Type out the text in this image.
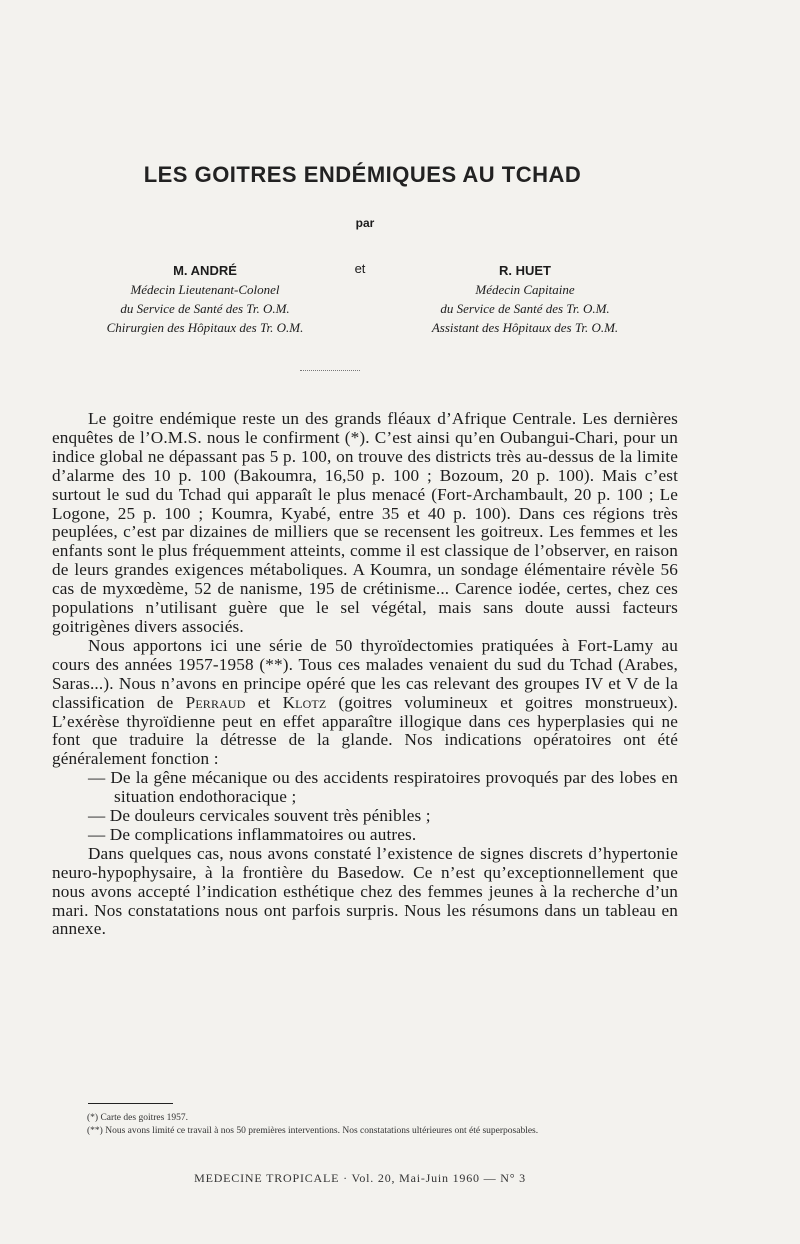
LES GOITRES ENDÉMIQUES AU TCHAD
par
M. ANDRÉ
Médecin Lieutenant-Colonel
du Service de Santé des Tr. O.M.
Chirurgien des Hôpitaux des Tr. O.M.
et	R. HUET
Médecin Capitaine
du Service de Santé des Tr. O.M.
Assistant des Hôpitaux des Tr. O.M.

Le goitre endémique reste un des grands fléaux d’Afrique Centrale. Les dernières enquêtes de l’O.M.S. nous le confirment (*). C’est ainsi qu’en Oubangui-Chari, pour un indice global ne dépassant pas 5 p. 100, on trouve des districts très au-dessus de la limite d’alarme des 10 p. 100 (Bakoumra, 16,50 p. 100 ; Bozoum, 20 p. 100). Mais c’est surtout le sud du Tchad qui apparaît le plus menacé (Fort-Archambault, 20 p. 100 ; Le Logone, 25 p. 100 ; Koumra, Kyabé, entre 35 et 40 p. 100). Dans ces régions très peuplées, c’est par dizaines de milliers que se recensent les goitreux. Les femmes et les enfants sont le plus fréquemment atteints, comme il est classique de l’observer, en raison de leurs grandes exigences métaboliques. A Koumra, un sondage élémentaire révèle 56 cas de myxœdème, 52 de nanisme, 195 de crétinisme... Carence iodée, certes, chez ces populations n’utilisant guère que le sel végétal, mais sans doute aussi facteurs goitrigènes divers associés.

Nous apportons ici une série de 50 thyroïdectomies pratiquées à Fort-Lamy au cours des années 1957-1958 (**). Tous ces malades venaient du sud du Tchad (Arabes, Saras...). Nous n’avons en principe opéré que les cas relevant des groupes IV et V de la classification de Perraud et Klotz (goitres volumineux et goitres monstrueux). L’exérèse thyroïdienne peut en effet apparaître illogique dans ces hyperplasies qui ne font que traduire la détresse de la glande. Nos indications opératoires ont été généralement fonction :

— De la gêne mécanique ou des accidents respiratoires provoqués par des lobes en situation endothoracique ;
— De douleurs cervicales souvent très pénibles ;
— De complications inflammatoires ou autres.

Dans quelques cas, nous avons constaté l’existence de signes discrets d’hypertonie neuro-hypophysaire, à la frontière du Basedow. Ce n’est qu’exceptionnellement que nous avons accepté l’indication esthétique chez des femmes jeunes à la recherche d’un mari. Nos constatations nous ont parfois surpris. Nous les résumons dans un tableau en annexe.

(*) Carte des goitres 1957.

(**) Nous avons limité ce travail à nos 50 premières interventions. Nos constatations ultérieures ont été superposables.

MEDECINE TROPICALE · Vol. 20, Mai-Juin 1960 — N° 3
